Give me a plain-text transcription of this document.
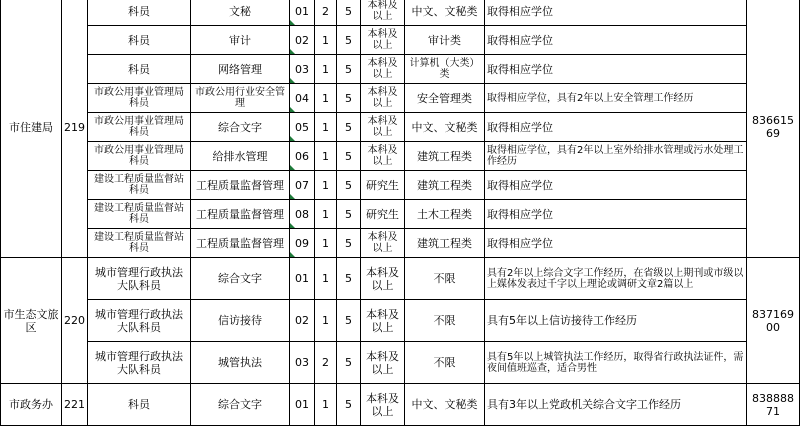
市住建局	219	科员	文秘	01	2	5	本科及以上	中文、文秘类	取得相应学位	83661569
		科员	审计	02	1	5	本科及以上	审计类	取得相应学位	
		科员	网络管理	03	1	5	本科及以上	计算机（大类）类	取得相应学位	
		市政公用事业管理局科员	市政公用行业安全管理	04	1	5	本科及以上	安全管理类	取得相应学位，具有2年以上安全管理工作经历	
		市政公用事业管理局科员	综合文字	05	1	5	本科及以上	中文、文秘类	取得相应学位	
		市政公用事业管理局科员	给排水管理	06	1	5	本科及以上	建筑工程类	取得相应学位，具有2年以上室外给排水管理或污水处理工作经历	
		建设工程质量监督站科员	工程质量监督管理	07	1	5	研究生	建筑工程类	取得相应学位	
		建设工程质量监督站科员	工程质量监督管理	08	1	5	研究生	土木工程类	取得相应学位	
		建设工程质量监督站科员	工程质量监督管理	09	1	5	本科及以上	建筑工程类	取得相应学位	
市生态文旅区	220	城市管理行政执法大队科员	综合文字	01	1	5	本科及以上	不限	具有2年以上综合文字工作经历，在省级以上期刊或市级以上媒体发表过千字以上理论或调研文章2篇以上	83716900
		城市管理行政执法大队科员	信访接待	02	1	5	本科及以上	不限	具有5年以上信访接待工作经历	
		城市管理行政执法大队科员	城管执法	03	2	5	本科及以上	不限	具有5年以上城管执法工作经历，取得省行政执法证件，需夜间值班巡查，适合男性	
市政务办	221	科员	综合文字	01	1	5	本科及以上	中文、文秘类	具有3年以上党政机关综合文字工作经历	83888871
